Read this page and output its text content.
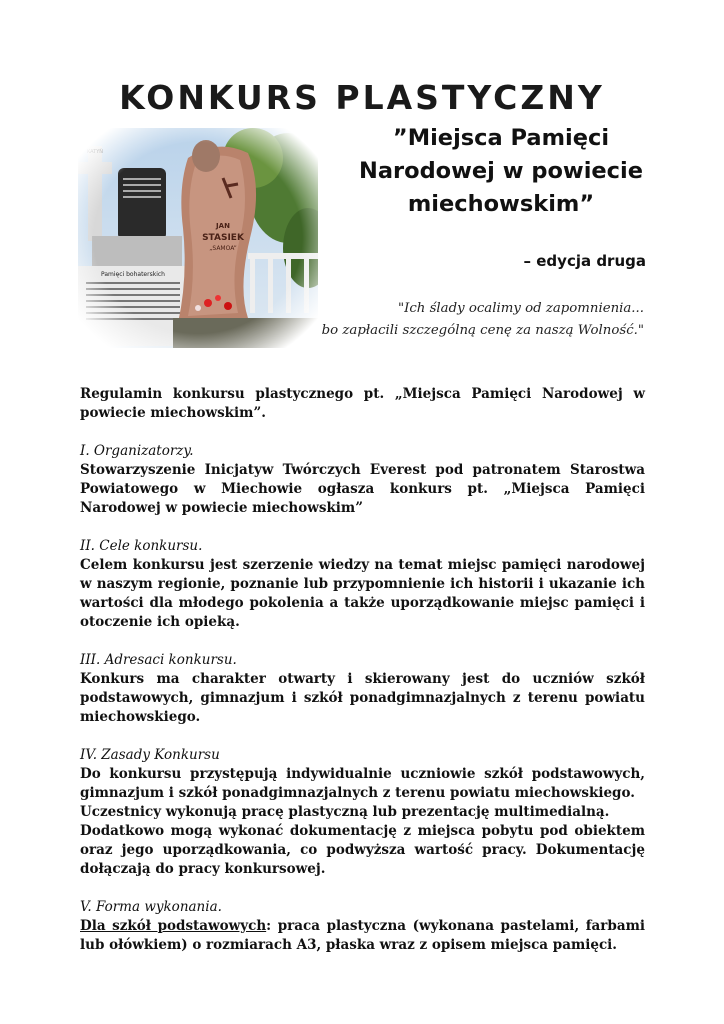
KONKURS PLASTYCZNY
”Miejsca Pamięci
Narodowej w powiecie
miechowskim”
– edycja druga
"Ich ślady ocalimy od zapomnienia...
bo zapłacili szczególną cenę za naszą Wolność."

Regulamin konkursu plastycznego pt. „Miejsca Pamięci Narodowej w powiecie miechowskim”.

I. Organizatorzy.

Stowarzyszenie Inicjatyw Twórczych Everest pod patronatem Starostwa Powiatowego w Miechowie ogłasza konkurs pt. „Miejsca Pamięci Narodowej w powiecie miechowskim”

II. Cele konkursu.

Celem konkursu jest szerzenie wiedzy na temat miejsc pamięci narodowej w naszym regionie, poznanie lub przypomnienie ich historii i ukazanie ich wartości dla młodego pokolenia a także uporządkowanie miejsc pamięci i otoczenie ich opieką.

III. Adresaci konkursu.

Konkurs ma charakter otwarty i skierowany jest do uczniów szkół podstawowych, gimnazjum i szkół ponadgimnazjalnych z terenu powiatu miechowskiego.

IV. Zasady Konkursu

Do konkursu przystępują indywidualnie uczniowie szkół podstawowych, gimnazjum i szkół ponadgimnazjalnych z terenu powiatu miechowskiego.

Uczestnicy wykonują pracę plastyczną lub prezentację multimedialną.

Dodatkowo mogą wykonać dokumentację z miejsca pobytu pod obiektem oraz jego uporządkowania, co podwyższa wartość pracy. Dokumentację dołączają do pracy konkursowej.

V. Forma wykonania.

Dla szkół podstawowych: praca plastyczna (wykonana pastelami, farbami lub ołówkiem) o rozmiarach A3, płaska wraz z opisem miejsca pamięci.
